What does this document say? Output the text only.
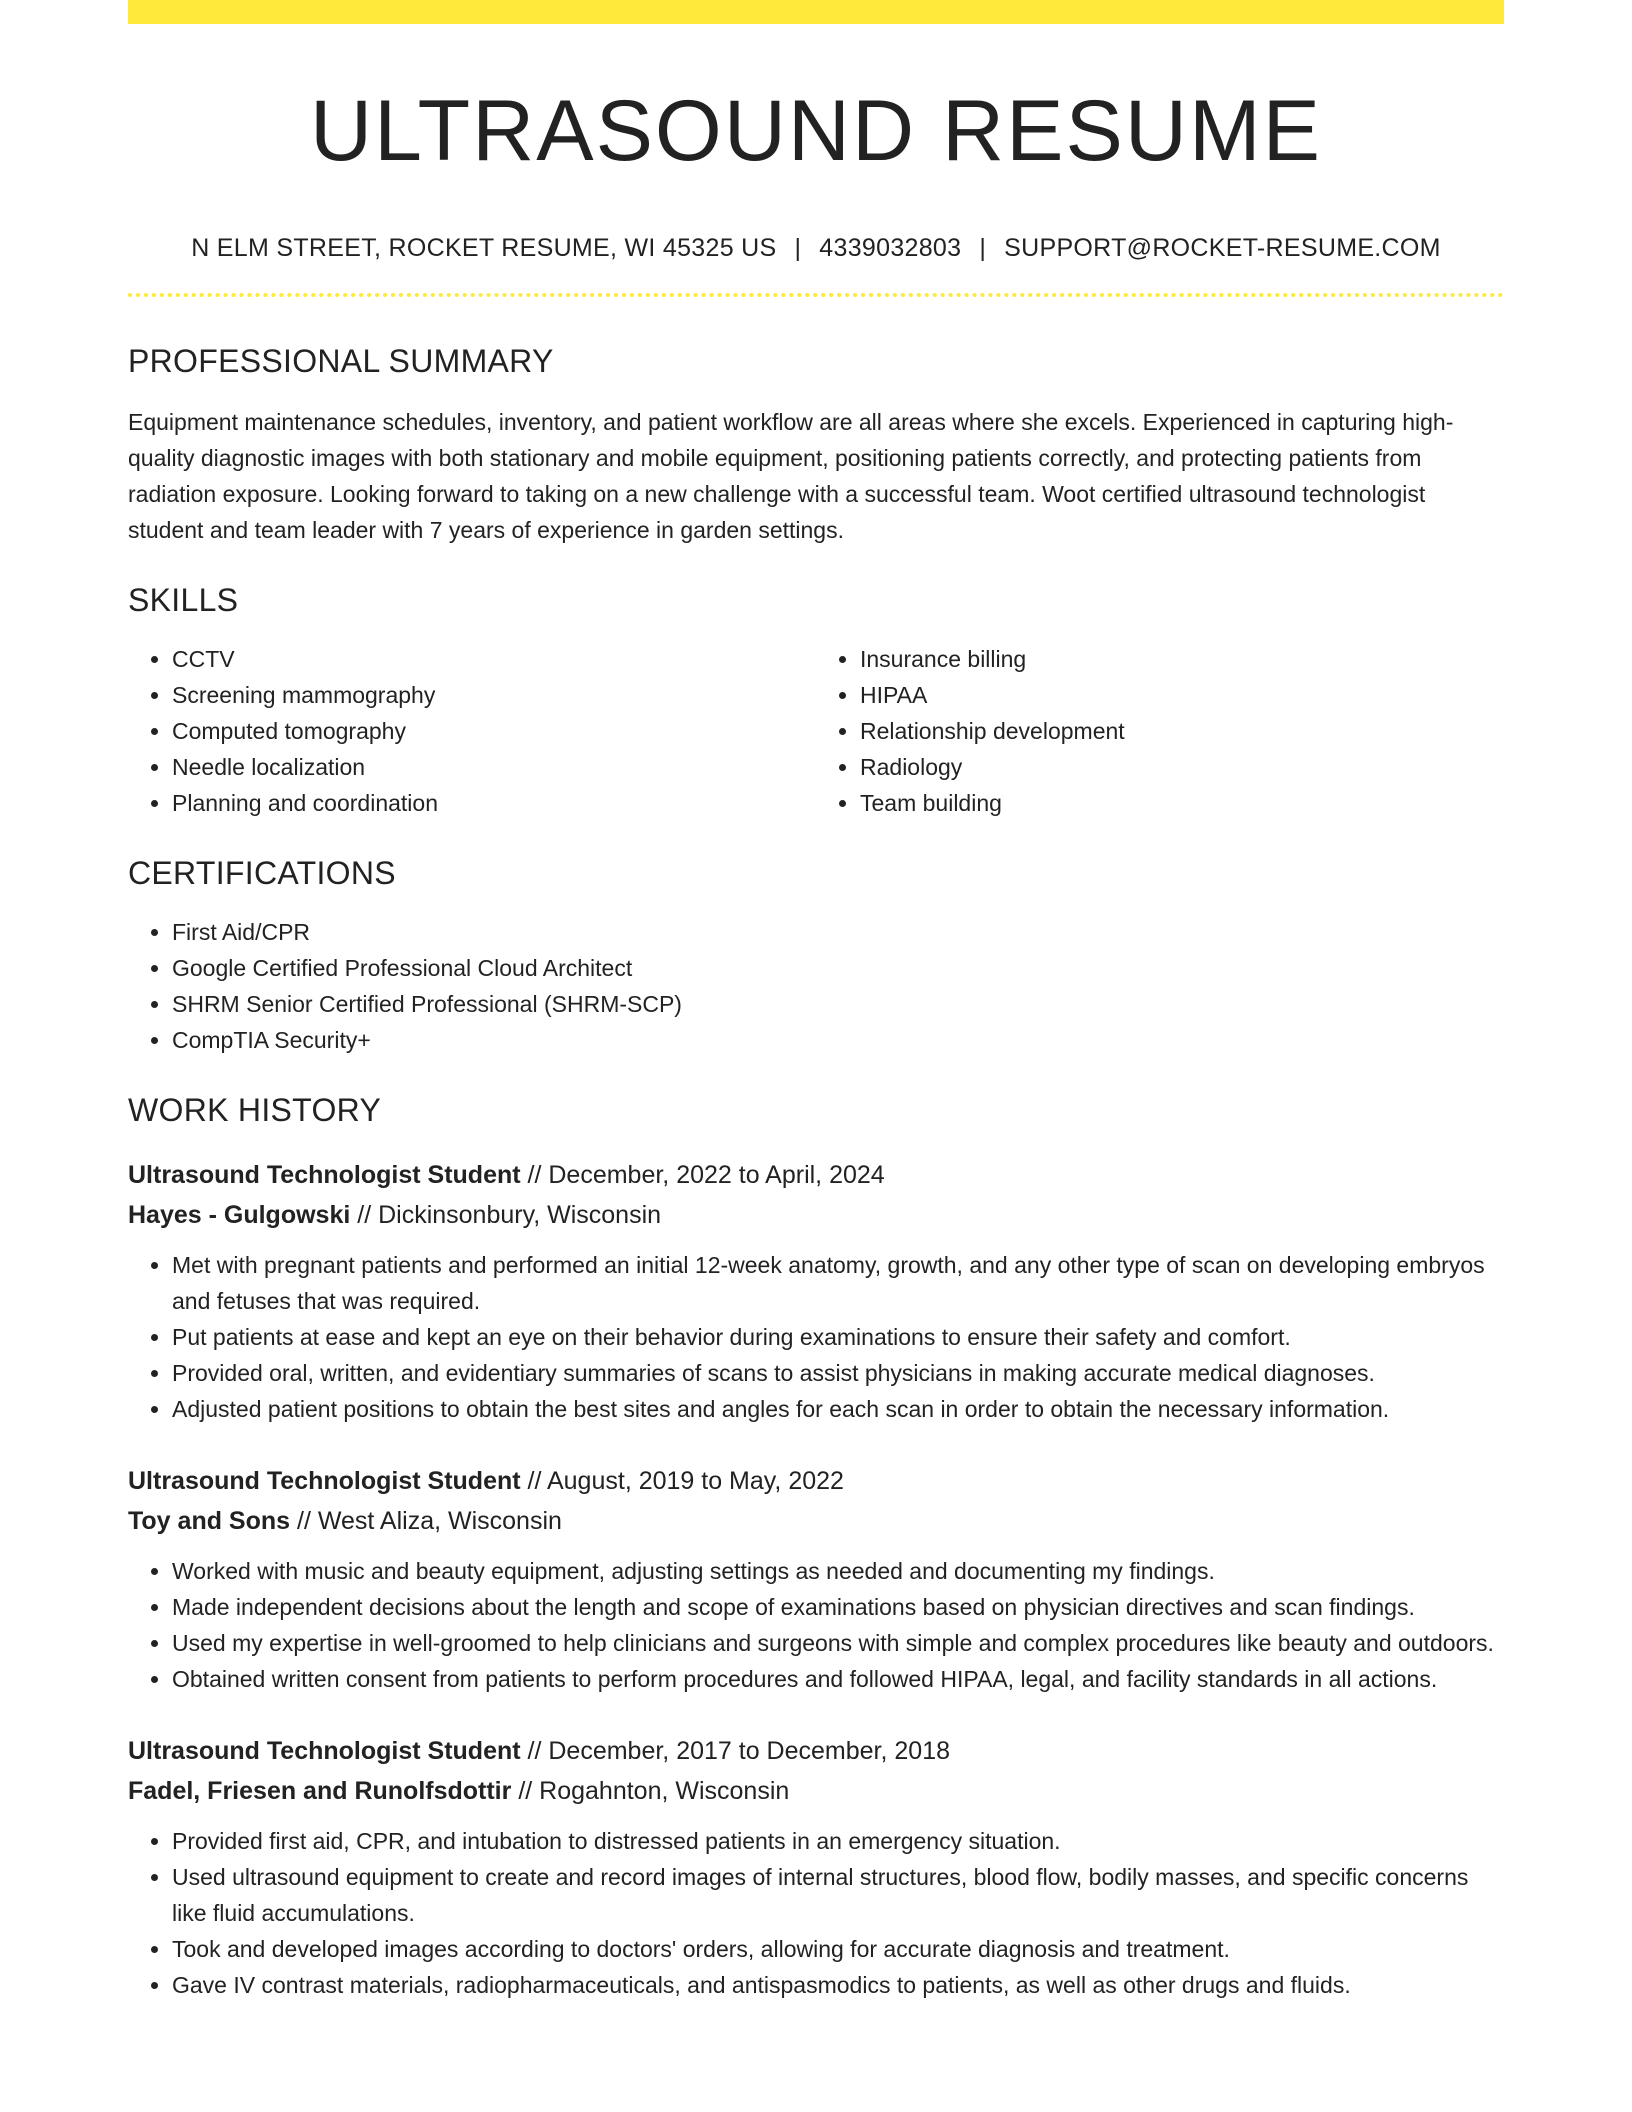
ULTRASOUND RESUME
N ELM STREET, ROCKET RESUME, WI 45325 US | 4339032803 | SUPPORT@ROCKET-RESUME.COM
PROFESSIONAL SUMMARY

Equipment maintenance schedules, inventory, and patient workflow are all areas where she excels. Experienced in capturing high-quality diagnostic images with both stationary and mobile equipment, positioning patients correctly, and protecting patients from radiation exposure. Looking forward to taking on a new challenge with a successful team. Woot certified ultrasound technologist student and team leader with 7 years of experience in garden settings.

SKILLS
• CCTV
• Screening mammography
• Computed tomography
• Needle localization
• Planning and coordination
• Insurance billing
• HIPAA
• Relationship development
• Radiology
• Team building
CERTIFICATIONS
• First Aid/CPR
• Google Certified Professional Cloud Architect
• SHRM Senior Certified Professional (SHRM-SCP)
• CompTIA Security+
WORK HISTORY
Ultrasound Technologist Student // December, 2022 to April, 2024
Hayes - Gulgowski // Dickinsonbury, Wisconsin
• Met with pregnant patients and performed an initial 12-week anatomy, growth, and any other type of scan on developing embryos and fetuses that was required.
• Put patients at ease and kept an eye on their behavior during examinations to ensure their safety and comfort.
• Provided oral, written, and evidentiary summaries of scans to assist physicians in making accurate medical diagnoses.
• Adjusted patient positions to obtain the best sites and angles for each scan in order to obtain the necessary information.
Ultrasound Technologist Student // August, 2019 to May, 2022
Toy and Sons // West Aliza, Wisconsin
• Worked with music and beauty equipment, adjusting settings as needed and documenting my findings.
• Made independent decisions about the length and scope of examinations based on physician directives and scan findings.
• Used my expertise in well-groomed to help clinicians and surgeons with simple and complex procedures like beauty and outdoors.
• Obtained written consent from patients to perform procedures and followed HIPAA, legal, and facility standards in all actions.
Ultrasound Technologist Student // December, 2017 to December, 2018
Fadel, Friesen and Runolfsdottir // Rogahnton, Wisconsin
• Provided first aid, CPR, and intubation to distressed patients in an emergency situation.
• Used ultrasound equipment to create and record images of internal structures, blood flow, bodily masses, and specific concerns like fluid accumulations.
• Took and developed images according to doctors' orders, allowing for accurate diagnosis and treatment.
• Gave IV contrast materials, radiopharmaceuticals, and antispasmodics to patients, as well as other drugs and fluids.
